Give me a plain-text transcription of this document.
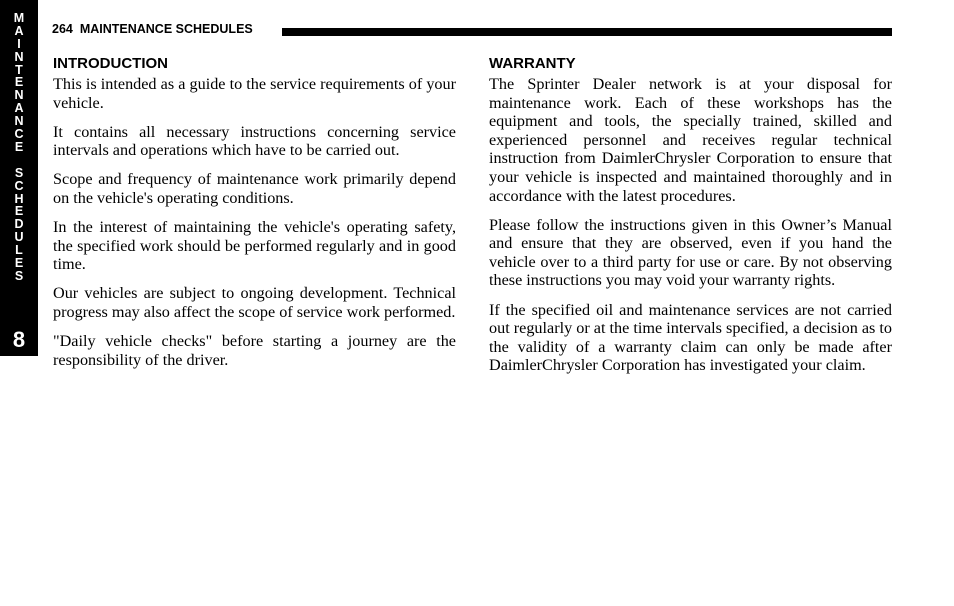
M
A
I
N
T
E
N
A
N
C
E
S
C
H
E
D
U
L
E
S
8
264 MAINTENANCE SCHEDULES
INTRODUCTION

This is intended as a guide to the service requirements of your vehicle.

It contains all necessary instructions concerning service intervals and operations which have to be carried out.

Scope and frequency of maintenance work primarily depend on the vehicle's operating conditions.

In the interest of maintaining the vehicle's operating safety, the specified work should be performed regularly and in good time.

Our vehicles are subject to ongoing development. Technical progress may also affect the scope of service work performed.

"Daily vehicle checks" before starting a journey are the responsibility of the driver.

WARRANTY

The Sprinter Dealer network is at your disposal for maintenance work. Each of these workshops has the equipment and tools, the specially trained, skilled and experienced personnel and receives regular technical instruction from DaimlerChrysler Corporation to ensure that your vehicle is inspected and maintained thoroughly and in accordance with the latest procedures.

Please follow the instructions given in this Owner’s Manual and ensure that they are observed, even if you hand the vehicle over to a third party for use or care. By not observing these instructions you may void your warranty rights.

If the specified oil and maintenance services are not carried out regularly or at the time intervals specified, a decision as to the validity of a warranty claim can only be made after DaimlerChrysler Corporation has investigated your claim.
